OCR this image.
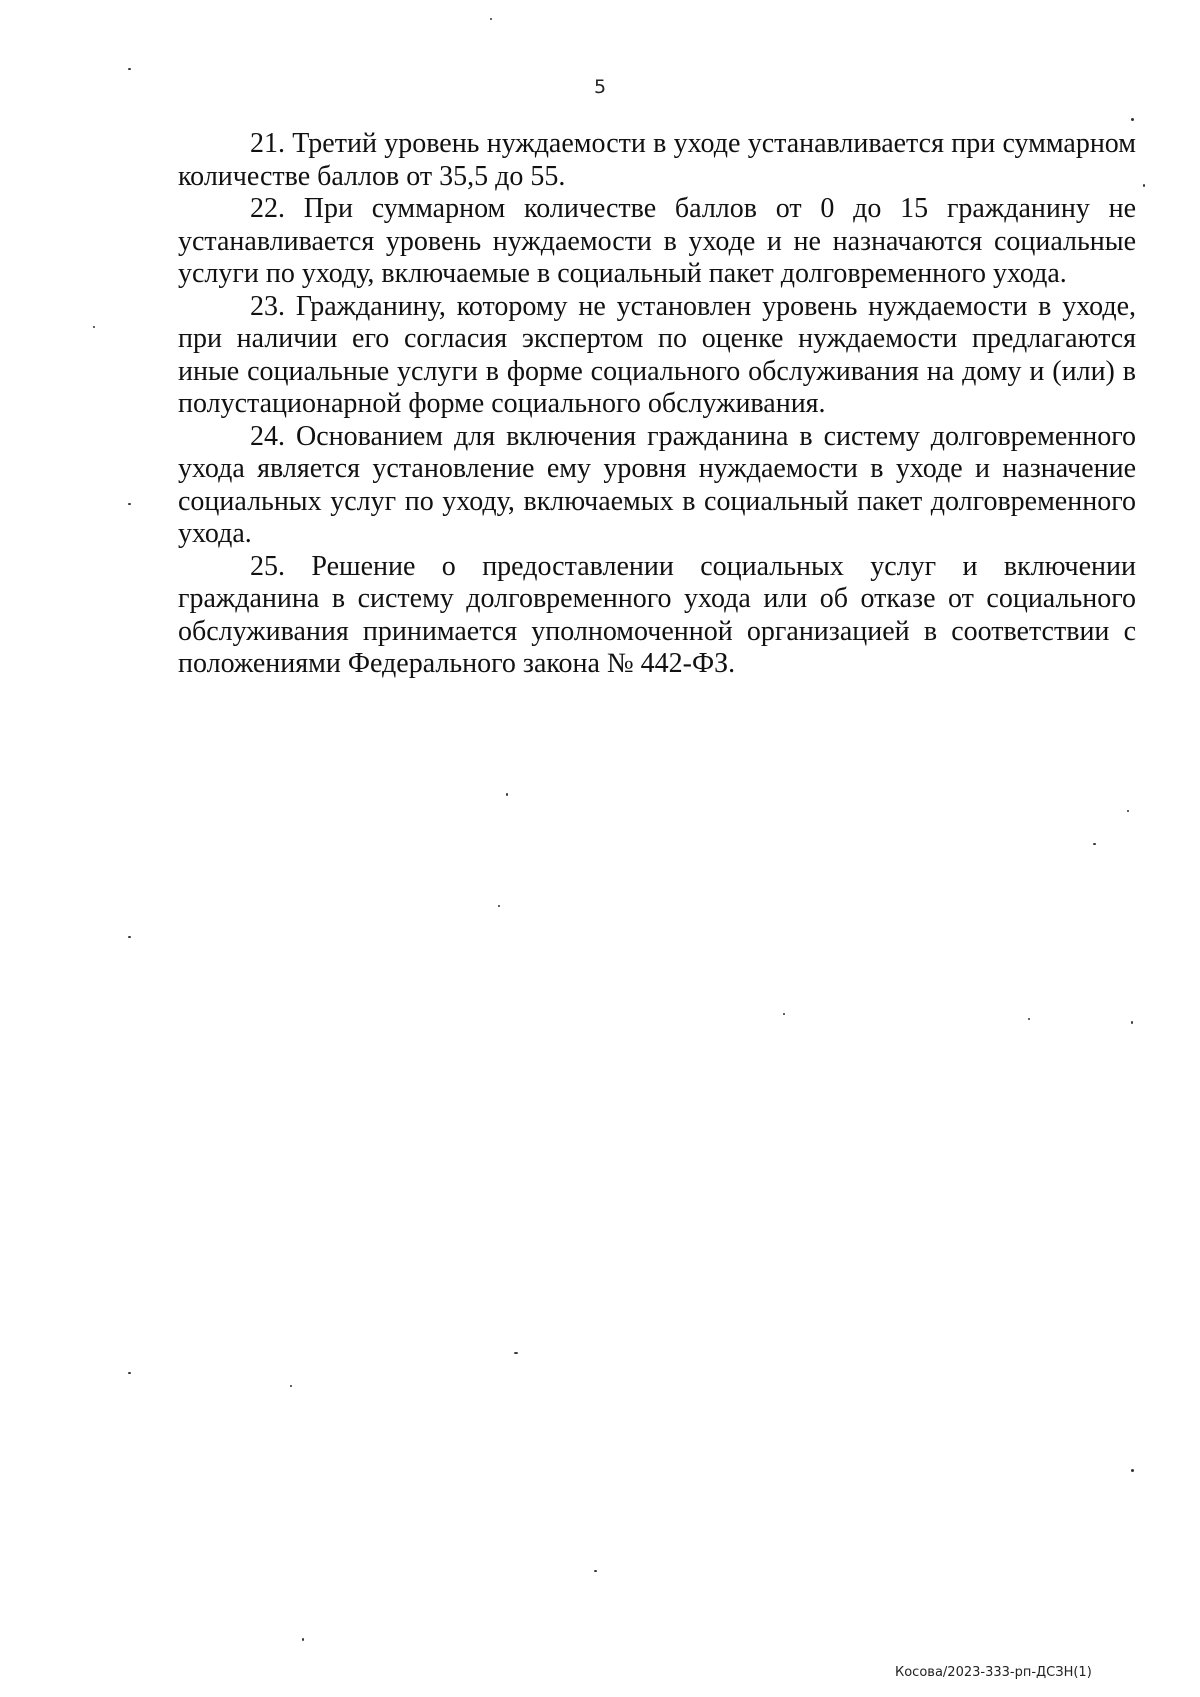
5

21. Третий уровень нуждаемости в уходе устанавливается при суммарном количестве баллов от 35,5 до 55.

22. При суммарном количестве баллов от 0 до 15 гражданину не устанавливается уровень нуждаемости в уходе и не назначаются социальные услуги по уходу, включаемые в социальный пакет долговременного ухода.

23. Гражданину, которому не установлен уровень нуждаемости в уходе, при наличии его согласия экспертом по оценке нуждаемости предлагаются иные социальные услуги в форме социального обслуживания на дому и (или) в полустационарной форме социального обслуживания.

24. Основанием для включения гражданина в систему долговременного ухода является установление ему уровня нуждаемости в уходе и назначение социальных услуг по уходу, включаемых в социальный пакет долговременного ухода.

25. Решение о предоставлении социальных услуг и включении гражданина в систему долговременного ухода или об отказе от социального обслуживания принимается уполномоченной организацией в соответствии с положениями Федерального закона № 442-ФЗ.

Косова/2023-333-рп-ДСЗН(1)
